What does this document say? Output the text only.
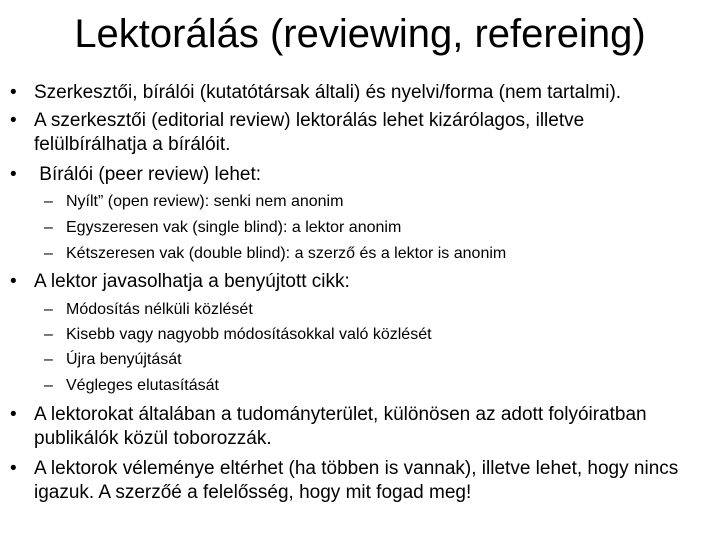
Lektorálás (reviewing, refereing)
• Szerkesztői, bírálói (kutatótársak általi) és nyelvi/forma (nem tartalmi).
• A szerkesztői (editorial review) lektorálás lehet kizárólagos, illetve
felülbírálhatja a bírálóit.
• Bírálói (peer review) lehet:
– Nyílt” (open review): senki nem anonim
– Egyszeresen vak (single blind): a lektor anonim
– Kétszeresen vak (double blind): a szerző és a lektor is anonim
• A lektor javasolhatja a benyújtott cikk:
– Módosítás nélküli közlését
– Kisebb vagy nagyobb módosításokkal való közlését
– Újra benyújtását
– Végleges elutasítását
• A lektorokat általában a tudományterület, különösen az adott folyóiratban
publikálók közül toborozzák.
• A lektorok véleménye eltérhet (ha többen is vannak), illetve lehet, hogy nincs
igazuk. A szerzőé a felelősség, hogy mit fogad meg!
